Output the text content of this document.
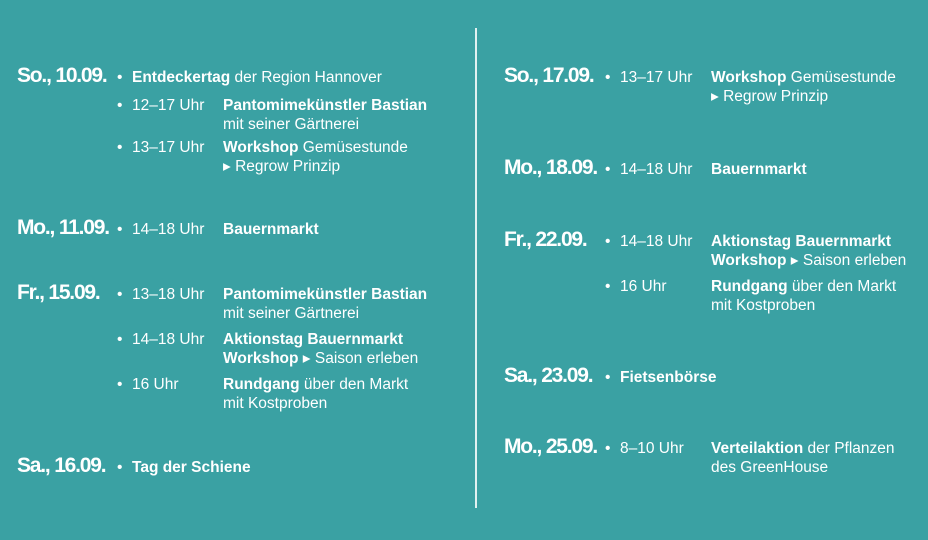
So., 10.09. • Entdeckertag der Region Hannover
• 12–17 Uhr Pantomimekünstler Bastian
mit seiner Gärtnerei
• 13–17 Uhr Workshop Gemüsestunde
▸ Regrow Prinzip
Mo., 11.09. • 14–18 Uhr Bauernmarkt
Fr., 15.09. • 13–18 Uhr Pantomimekünstler Bastian
mit seiner Gärtnerei
• 14–18 Uhr Aktionstag Bauernmarkt
Workshop ▸ Saison erleben
• 16 Uhr	Rundgang über den Markt
mit Kostproben
Sa., 16.09. • Tag der Schiene
So., 17.09. • 13–17 Uhr Workshop Gemüsestunde
▸ Regrow Prinzip
Mo., 18.09. • 14–18 Uhr Bauernmarkt
Fr., 22.09. • 14–18 Uhr Aktionstag Bauernmarkt
Workshop ▸ Saison erleben
• 16 Uhr	Rundgang über den Markt
mit Kostproben
Sa., 23.09. • Fietsenbörse
Mo., 25.09. • 8–10 Uhr Verteilaktion der Pflanzen
des GreenHouse
